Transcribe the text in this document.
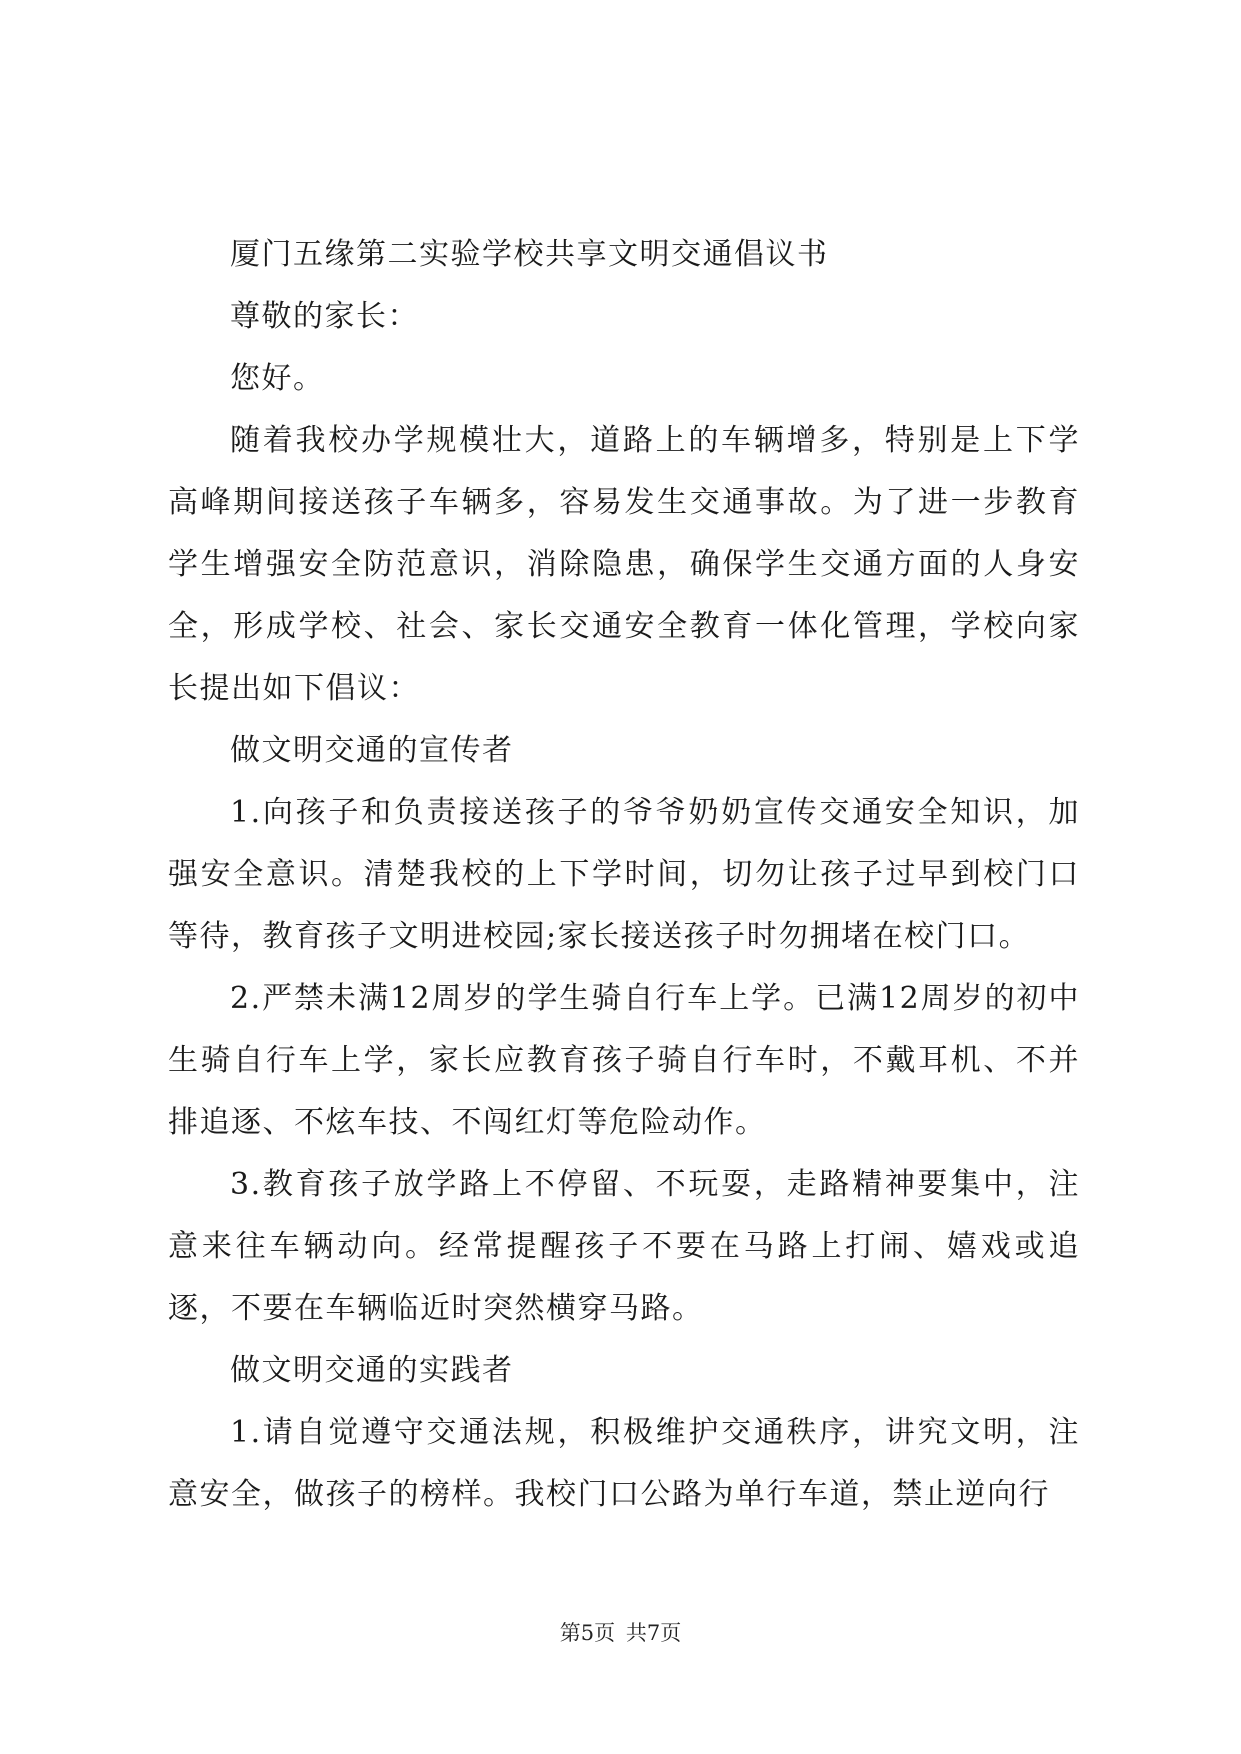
厦门五缘第二实验学校共享文明交通倡议书

尊敬的家长：

您好。

随着我校办学规模壮大，道路上的车辆增多，特别是上下学高峰期间接送孩子车辆多，容易发生交通事故。为了进一步教育学生增强安全防范意识，消除隐患，确保学生交通方面的人身安全，形成学校、社会、家长交通安全教育一体化管理，学校向家长提出如下倡议：

做文明交通的宣传者

1.向孩子和负责接送孩子的爷爷奶奶宣传交通安全知识，加强安全意识。清楚我校的上下学时间，切勿让孩子过早到校门口等待，教育孩子文明进校园;家长接送孩子时勿拥堵在校门口。

2.严禁未满12周岁的学生骑自行车上学。已满12周岁的初中生骑自行车上学，家长应教育孩子骑自行车时，不戴耳机、不并排追逐、不炫车技、不闯红灯等危险动作。

3.教育孩子放学路上不停留、不玩耍，走路精神要集中，注意来往车辆动向。经常提醒孩子不要在马路上打闹、嬉戏或追逐，不要在车辆临近时突然横穿马路。

做文明交通的实践者

1.请自觉遵守交通法规，积极维护交通秩序，讲究文明，注意安全，做孩子的榜样。我校门口公路为单行车道，禁止逆向行

第5页 共7页
